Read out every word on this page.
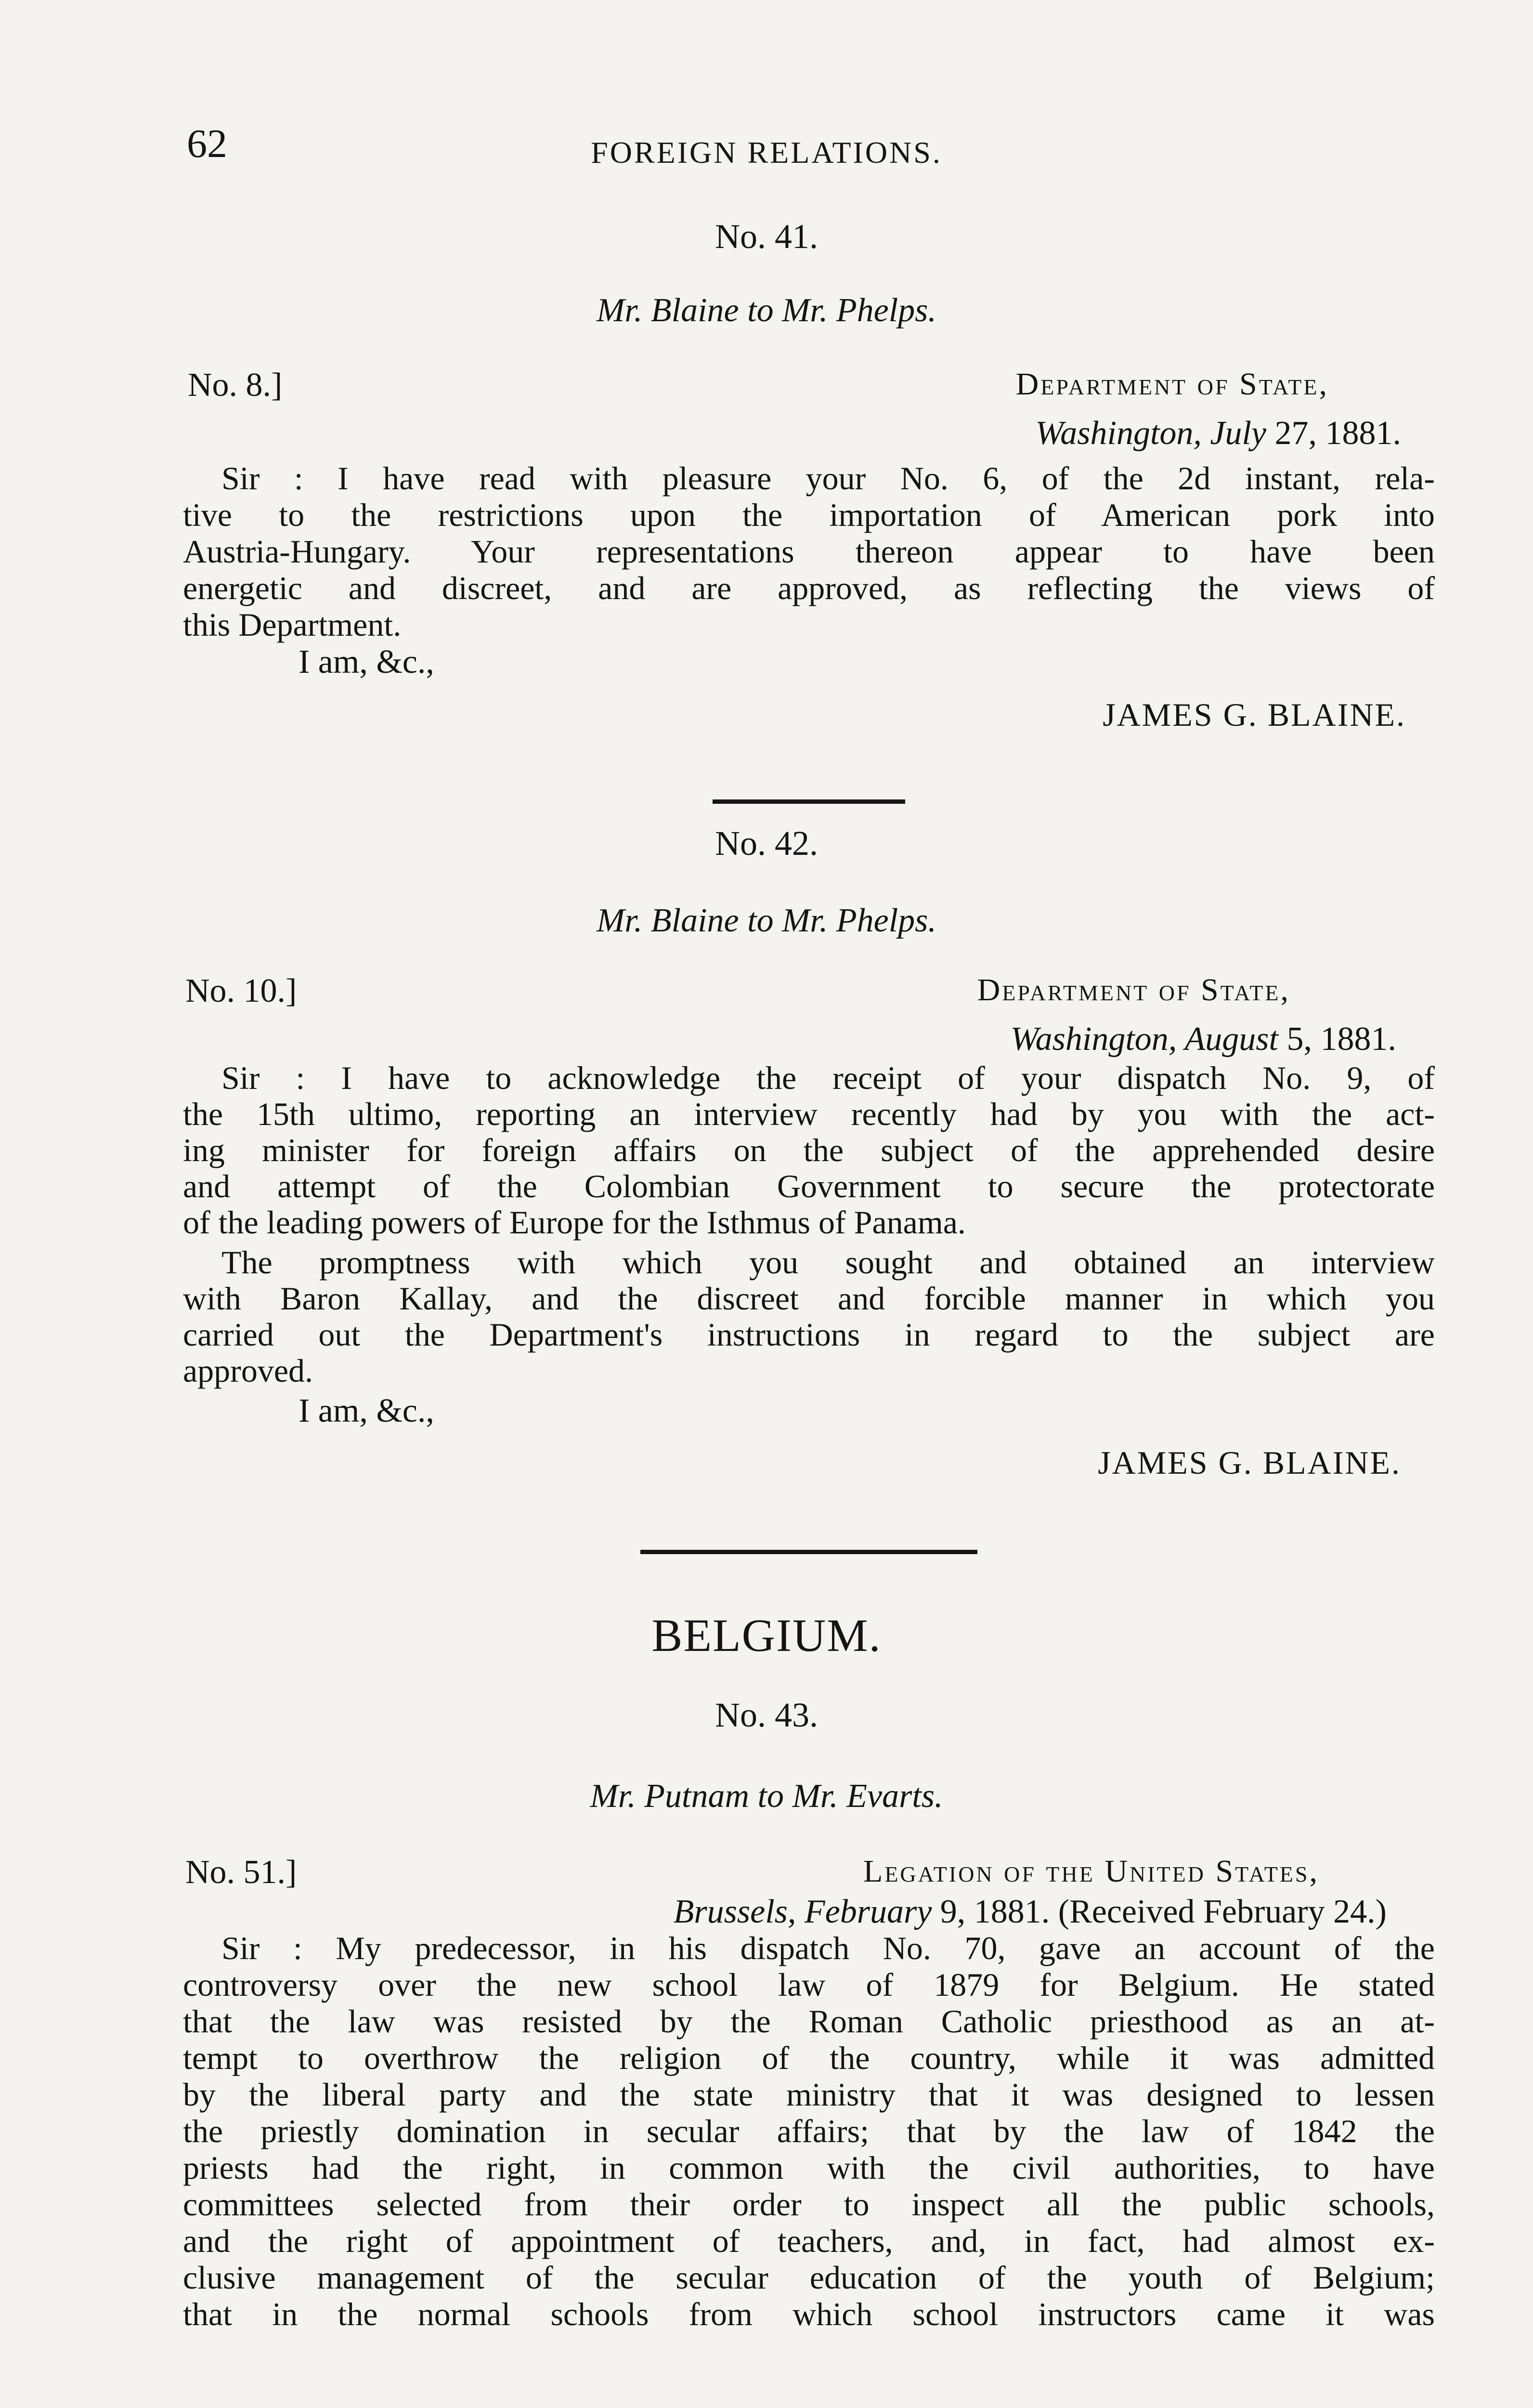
62	FOREIGN RELATIONS.
No. 41.
Mr. Blaine to Mr. Phelps.
No. 8.]	Department of State,
Washington, July 27, 1881.
Sir : I have read with pleasure your No. 6, of the 2d instant, rela-
tive to the restrictions upon the importation of American pork into
Austria-Hungary. Your representations thereon appear to have been
energetic and discreet, and are approved, as reflecting the views of
this Department.
I am, &c.,
JAMES G. BLAINE.
No. 42.
Mr. Blaine to Mr. Phelps.
No. 10.]	Department of State,
Washington, August 5, 1881.
Sir : I have to acknowledge the receipt of your dispatch No. 9, of
the 15th ultimo, reporting an interview recently had by you with the act-
ing minister for foreign affairs on the subject of the apprehended desire
and attempt of the Colombian Government to secure the protectorate
of the leading powers of Europe for the Isthmus of Panama.
The promptness with which you sought and obtained an interview
with Baron Kallay, and the discreet and forcible manner in which you
carried out the Department's instructions in regard to the subject are
approved.
I am, &c.,
JAMES G. BLAINE.
BELGIUM.
No. 43.
Mr. Putnam to Mr. Evarts.
No. 51.]	Legation of the United States,
Brussels, February 9, 1881. (Received February 24.)
Sir : My predecessor, in his dispatch No. 70, gave an account of the
controversy over the new school law of 1879 for Belgium. He stated
that the law was resisted by the Roman Catholic priesthood as an at-
tempt to overthrow the religion of the country, while it was admitted
by the liberal party and the state ministry that it was designed to lessen
the priestly domination in secular affairs; that by the law of 1842 the
priests had the right, in common with the civil authorities, to have
committees selected from their order to inspect all the public schools,
and the right of appointment of teachers, and, in fact, had almost ex-
clusive management of the secular education of the youth of Belgium;
that in the normal schools from which school instructors came it was
